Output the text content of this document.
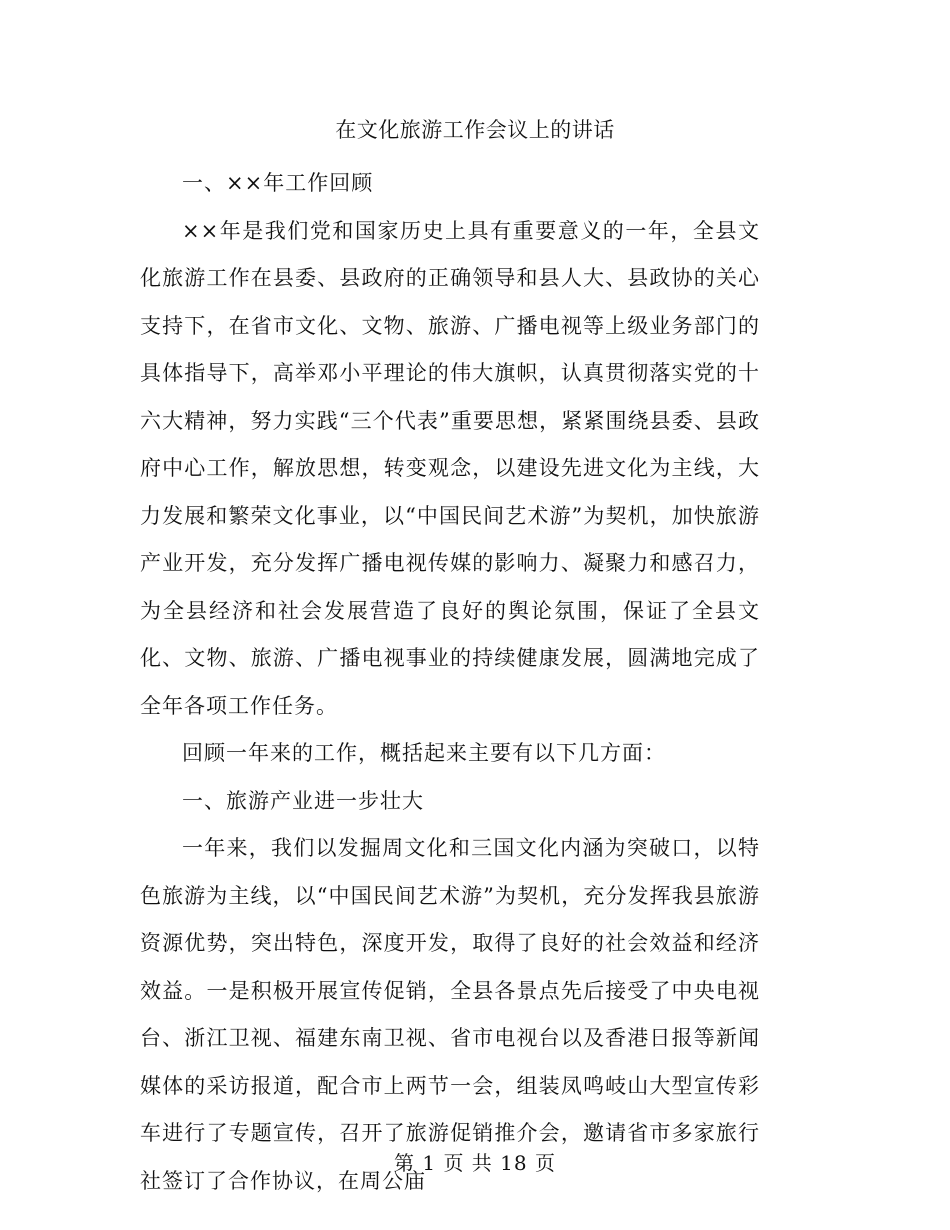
在文化旅游工作会议上的讲话

一、××年工作回顾

××年是我们党和国家历史上具有重要意义的一年，全县文化旅游工作在县委、县政府的正确领导和县人大、县政协的关心支持下，在省市文化、文物、旅游、广播电视等上级业务部门的具体指导下，高举邓小平理论的伟大旗帜，认真贯彻落实党的十六大精神，努力实践“三个代表”重要思想，紧紧围绕县委、县政府中心工作，解放思想，转变观念，以建设先进文化为主线，大力发展和繁荣文化事业，以“中国民间艺术游”为契机，加快旅游产业开发，充分发挥广播电视传媒的影响力、凝聚力和感召力，为全县经济和社会发展营造了良好的舆论氛围，保证了全县文化、文物、旅游、广播电视事业的持续健康发展，圆满地完成了全年各项工作任务。

回顾一年来的工作，概括起来主要有以下几方面：

一、旅游产业进一步壮大

一年来，我们以发掘周文化和三国文化内涵为突破口，以特色旅游为主线，以“中国民间艺术游”为契机，充分发挥我县旅游资源优势，突出特色，深度开发，取得了良好的社会效益和经济效益。一是积极开展宣传促销，全县各景点先后接受了中央电视台、浙江卫视、福建东南卫视、省市电视台以及香港日报等新闻媒体的采访报道，配合市上两节一会，组装凤鸣岐山大型宣传彩车进行了专题宣传，召开了旅游促销推介会，邀请省市多家旅行社签订了合作协议，在周公庙

第 1 页 共 18 页
